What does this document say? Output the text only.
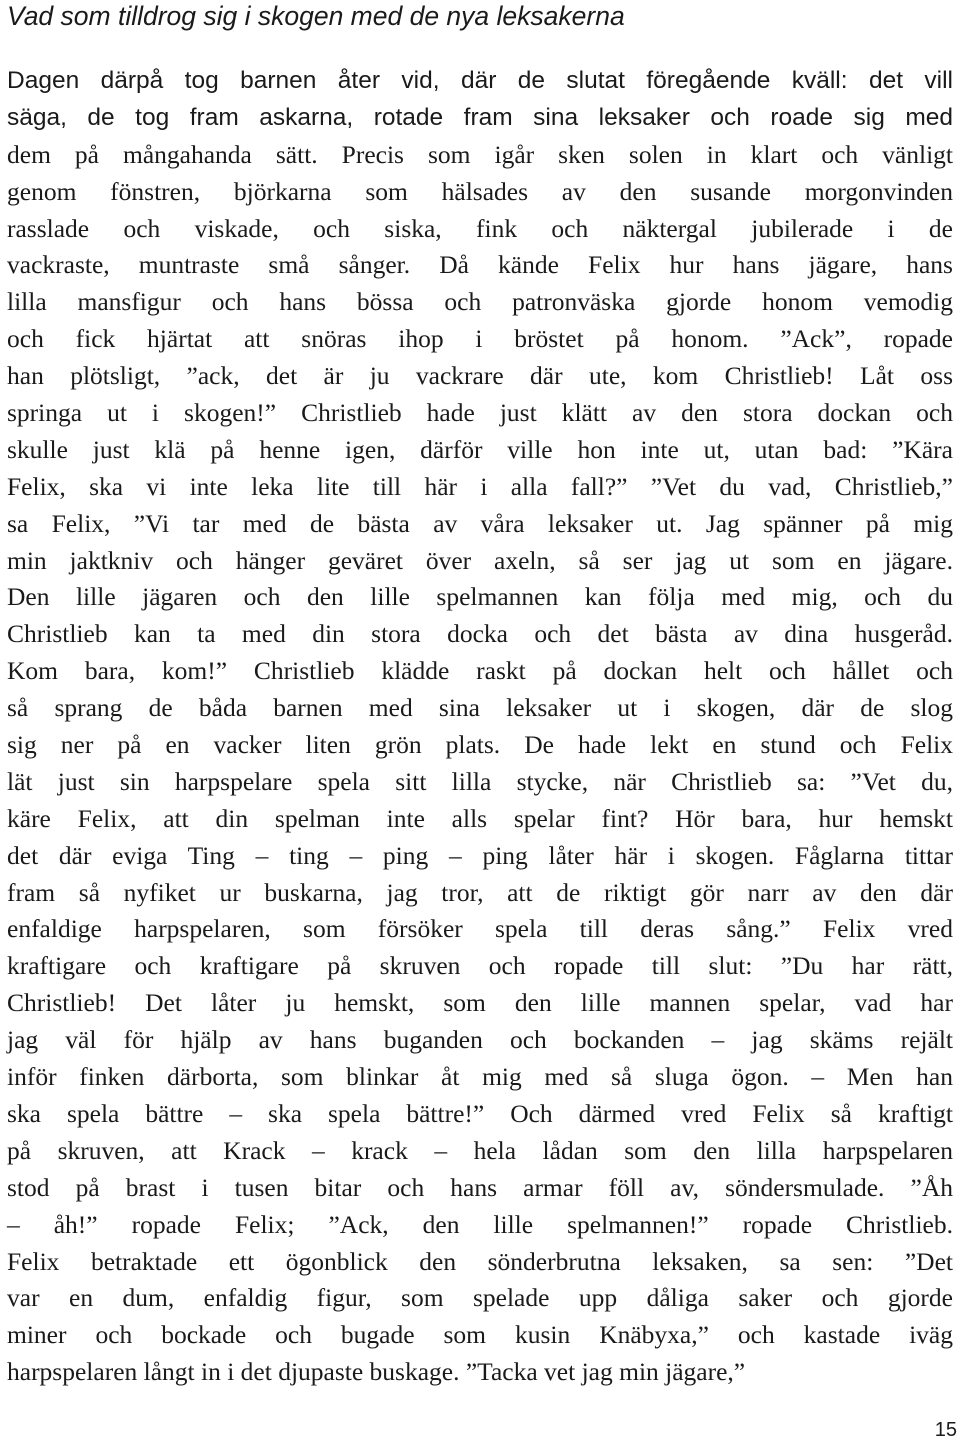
Vad som tilldrog sig i skogen med de nya leksakerna
Dagen därpå tog barnen åter vid, där de slutat föregående kväll: det vill
säga, de tog fram askarna, rotade fram sina leksaker och roade sig med
dem på mångahanda sätt. Precis som igår sken solen in klart och vänligt
genom fönstren, björkarna som hälsades av den susande morgonvinden
rasslade och viskade, och siska, fink och näktergal jubilerade i de
vackraste, muntraste små sånger. Då kände Felix hur hans jägare, hans
lilla mansfigur och hans bössa och patronväska gjorde honom vemodig
och fick hjärtat att snöras ihop i bröstet på honom. ”Ack”, ropade
han plötsligt, ”ack, det är ju vackrare där ute, kom Christlieb! Låt oss
springa ut i skogen!” Christlieb hade just klätt av den stora dockan och
skulle just klä på henne igen, därför ville hon inte ut, utan bad: ”Kära
Felix, ska vi inte leka lite till här i alla fall?” ”Vet du vad, Christlieb,”
sa Felix, ”Vi tar med de bästa av våra leksaker ut. Jag spänner på mig
min jaktkniv och hänger geväret över axeln, så ser jag ut som en jägare.
Den lille jägaren och den lille spelmannen kan följa med mig, och du
Christlieb kan ta med din stora docka och det bästa av dina husgeråd.
Kom bara, kom!” Christlieb klädde raskt på dockan helt och hållet och
så sprang de båda barnen med sina leksaker ut i skogen, där de slog
sig ner på en vacker liten grön plats. De hade lekt en stund och Felix
lät just sin harpspelare spela sitt lilla stycke, när Christlieb sa: ”Vet du,
käre Felix, att din spelman inte alls spelar fint? Hör bara, hur hemskt
det där eviga Ting – ting – ping – ping låter här i skogen. Fåglarna tittar
fram så nyfiket ur buskarna, jag tror, att de riktigt gör narr av den där
enfaldige harpspelaren, som försöker spela till deras sång.” Felix vred
kraftigare och kraftigare på skruven och ropade till slut: ”Du har rätt,
Christlieb! Det låter ju hemskt, som den lille mannen spelar, vad har
jag väl för hjälp av hans buganden och bockanden – jag skäms rejält
inför finken därborta, som blinkar åt mig med så sluga ögon. – Men han
ska spela bättre – ska spela bättre!” Och därmed vred Felix så kraftigt
på skruven, att Krack – krack – hela lådan som den lilla harpspelaren
stod på brast i tusen bitar och hans armar föll av, söndersmulade. ”Åh
– åh!” ropade Felix; ”Ack, den lille spelmannen!” ropade Christlieb.
Felix betraktade ett ögonblick den sönderbrutna leksaken, sa sen: ”Det
var en dum, enfaldig figur, som spelade upp dåliga saker och gjorde
miner och bockade och bugade som kusin Knäbyxa,” och kastade iväg
harpspelaren långt in i det djupaste buskage. ”Tacka vet jag min jägare,”
15
